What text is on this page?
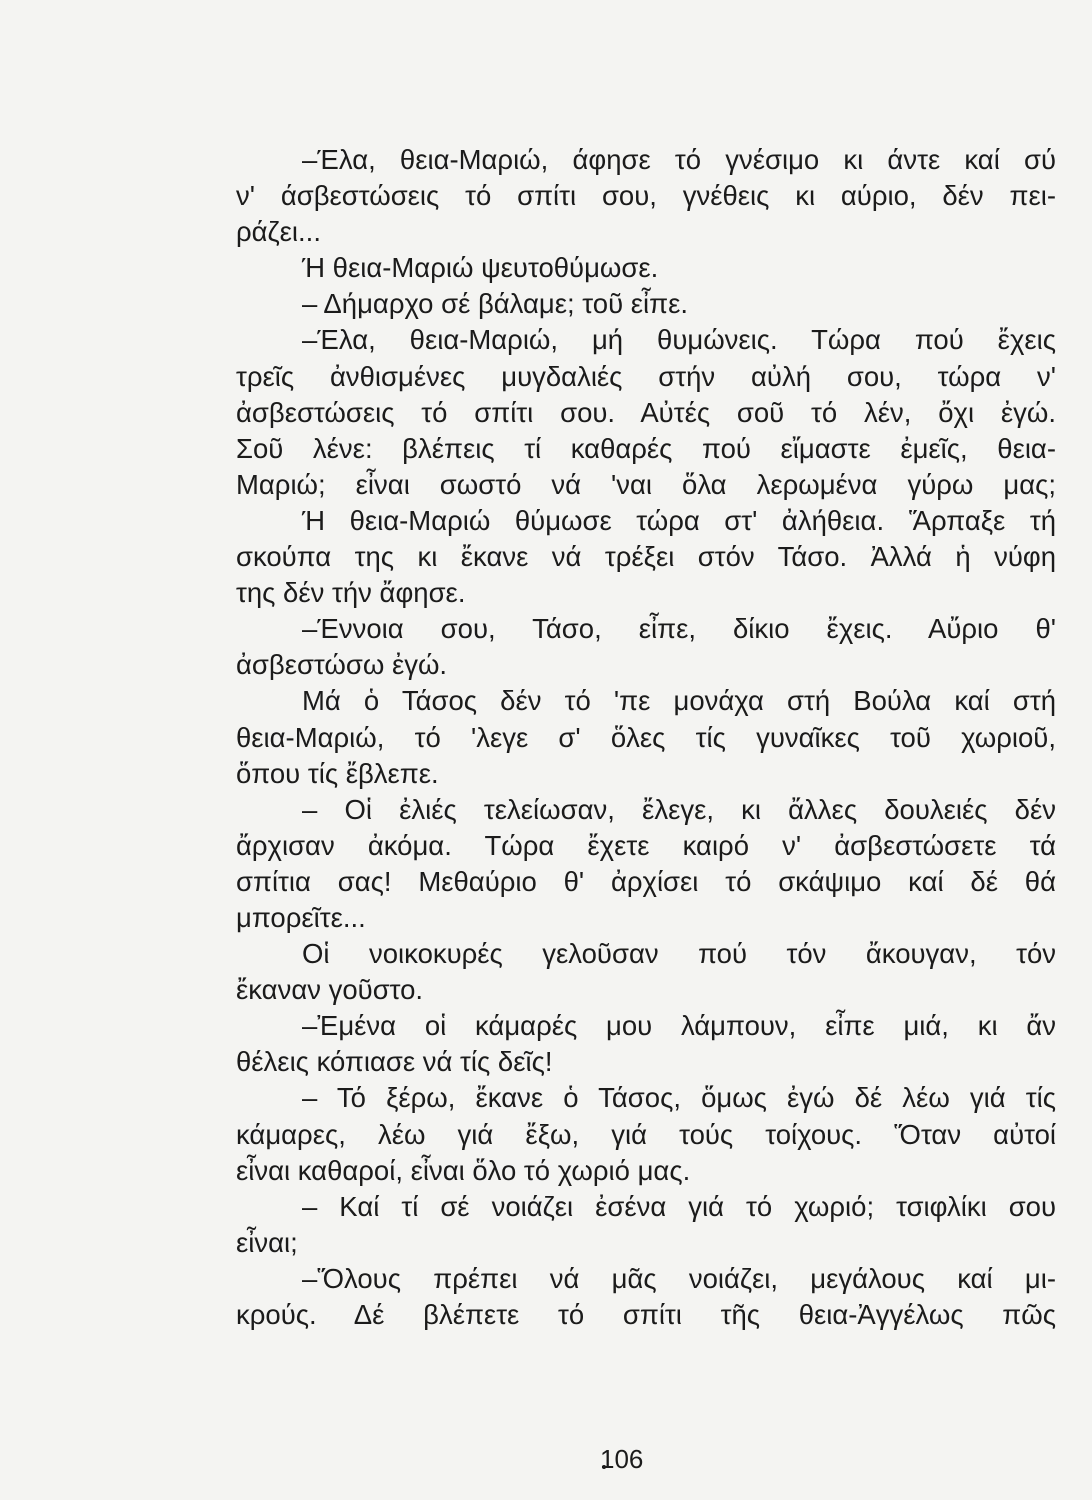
–Έλα, θεια-Μαριώ, άφησε τό γνέσιμο κι άντε καί σύ
ν' άσβεστώσεις τό σπίτι σου, γνέθεις κι αύριο, δέν πει-
ράζει...
Ή θεια-Μαριώ ψευτοθύμωσε.
– Δήμαρχο σέ βάλαμε; τοῦ εἶπε.
–Έλα, θεια-Μαριώ, μή θυμώνεις. Τώρα πού ἔχεις
τρεῖς ἀνθισμένες μυγδαλιές στήν αὐλή σου, τώρα ν'
ἀσβεστώσεις τό σπίτι σου. Αὐτές σοῦ τό λέν, ὄχι ἐγώ.
Σοῦ λένε: βλέπεις τί καθαρές πού εἴμαστε ἐμεῖς, θεια-
Μαριώ; εἶναι σωστό νά 'ναι ὅλα λερωμένα γύρω μας;
Ή θεια-Μαριώ θύμωσε τώρα στ' ἀλήθεια. Ἅρπαξε τή
σκούπα της κι ἔκανε νά τρέξει στόν Τάσο. Ἀλλά ἡ νύφη
της δέν τήν ἄφησε.
–Έννοια σου, Τάσο, εἶπε, δίκιο ἔχεις. Αὔριο θ'
ἀσβεστώσω ἐγώ.
Μά ὁ Τάσος δέν τό 'πε μονάχα στή Βούλα καί στή
θεια-Μαριώ, τό 'λεγε σ' ὅλες τίς γυναῖκες τοῦ χωριοῦ,
ὅπου τίς ἔβλεπε.
– Οἱ ἐλιές τελείωσαν, ἔλεγε, κι ἄλλες δουλειές δέν
ἄρχισαν ἀκόμα. Τώρα ἔχετε καιρό ν' ἀσβεστώσετε τά
σπίτια σας! Μεθαύριο θ' ἀρχίσει τό σκάψιμο καί δέ θά
μπορεῖτε...
Οἱ νοικοκυρές γελοῦσαν πού τόν ἄκουγαν, τόν
ἔκαναν γοῦστο.
–Ἐμένα οἱ κάμαρές μου λάμπουν, εἶπε μιά, κι ἄν
θέλεις κόπιασε νά τίς δεῖς!
– Τό ξέρω, ἔκανε ὁ Τάσος, ὅμως ἐγώ δέ λέω γιά τίς
κάμαρες, λέω γιά ἔξω, γιά τούς τοίχους. Ὅταν αὐτοί
εἶναι καθαροί, εἶναι ὅλο τό χωριό μας.
– Καί τί σέ νοιάζει ἐσένα γιά τό χωριό; τσιφλίκι σου
εἶναι;
–Ὅλους πρέπει νά μᾶς νοιάζει, μεγάλους καί μι-
κρούς. Δέ βλέπετε τό σπίτι τῆς θεια-Ἀγγέλως πῶς
106
